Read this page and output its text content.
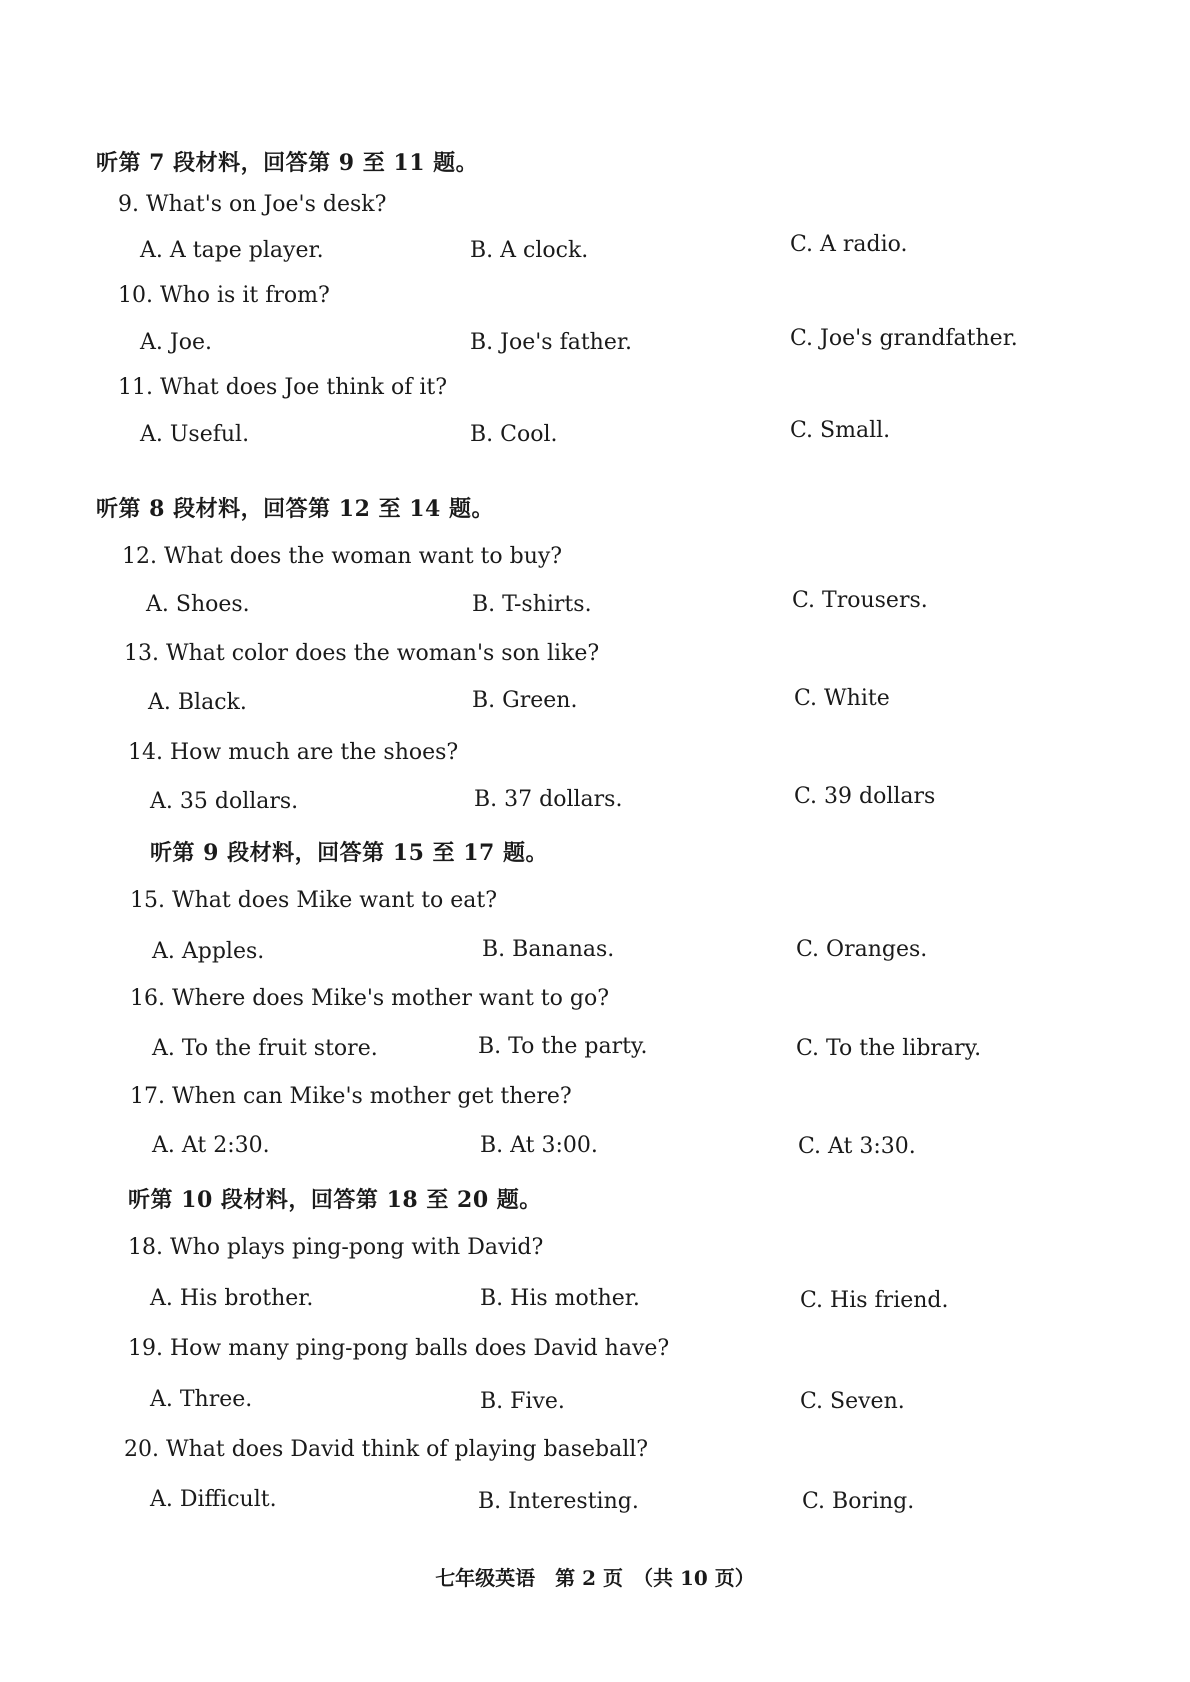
听第 7 段材料，回答第 9 至 11 题。
9. What's on Joe's desk?
A. A tape player.	B. A clock.	C. A radio.
10. Who is it from?
A. Joe.	B. Joe's father.	C. Joe's grandfather.
11. What does Joe think of it?
A. Useful.	B. Cool.	C. Small.
听第 8 段材料，回答第 12 至 14 题。
12. What does the woman want to buy?
A. Shoes.	B. T-shirts.	C. Trousers.
13. What color does the woman's son like?
A. Black.	B. Green.	C. White
14. How much are the shoes?
A. 35 dollars.	B. 37 dollars.	C. 39 dollars
听第 9 段材料，回答第 15 至 17 题。
15. What does Mike want to eat?
A. Apples.	B. Bananas.	C. Oranges.
16. Where does Mike's mother want to go?
A. To the fruit store.	B. To the party.	C. To the library.
17. When can Mike's mother get there?
A. At 2:30.	B. At 3:00.	C. At 3:30.
听第 10 段材料，回答第 18 至 20 题。
18. Who plays ping-pong with David?
A. His brother.	B. His mother.	C. His friend.
19. How many ping-pong balls does David have?
A. Three.	B. Five.	C. Seven.
20. What does David think of playing baseball?
A. Difficult.	B. Interesting.	C. Boring.
七年级英语　第 2 页　（共 10 页）
